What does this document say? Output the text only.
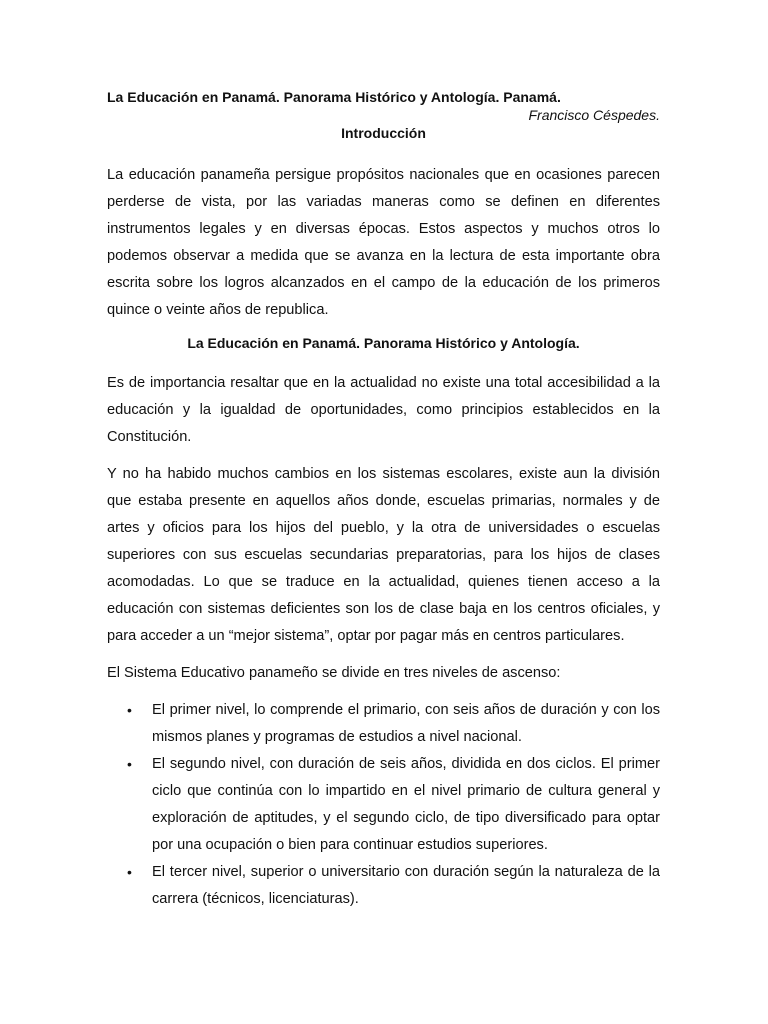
La Educación en Panamá. Panorama Histórico y Antología. Panamá.
Francisco Céspedes.
Introducción

La educación panameña persigue propósitos nacionales que en ocasiones parecen perderse de vista, por las variadas maneras como se definen en diferentes instrumentos legales y en diversas épocas. Estos aspectos y muchos otros lo podemos observar a medida que se avanza en la lectura de esta importante obra escrita sobre los logros alcanzados en el campo de la educación de los primeros quince o veinte años de republica.

La Educación en Panamá. Panorama Histórico y Antología.

Es de importancia resaltar que en la actualidad no existe una total accesibilidad a la educación y la igualdad de oportunidades, como principios establecidos en la Constitución.

Y no ha habido muchos cambios en los sistemas escolares, existe aun la división que estaba presente en aquellos años donde, escuelas primarias, normales y de artes y oficios para los hijos del pueblo, y la otra de universidades o escuelas superiores con sus escuelas secundarias preparatorias, para los hijos de clases acomodadas. Lo que se traduce en la actualidad, quienes tienen acceso a la educación con sistemas deficientes son los de clase baja en los centros oficiales, y para acceder a un “mejor sistema”, optar por pagar más en centros particulares.

El Sistema Educativo panameño se divide en tres niveles de ascenso:

• El primer nivel, lo comprende el primario, con seis años de duración y con los mismos planes y programas de estudios a nivel nacional.
• El segundo nivel, con duración de seis años, dividida en dos ciclos. El primer ciclo que continúa con lo impartido en el nivel primario de cultura general y exploración de aptitudes, y el segundo ciclo, de tipo diversificado para optar por una ocupación o bien para continuar estudios superiores.
• El tercer nivel, superior o universitario con duración según la naturaleza de la carrera (técnicos, licenciaturas).
